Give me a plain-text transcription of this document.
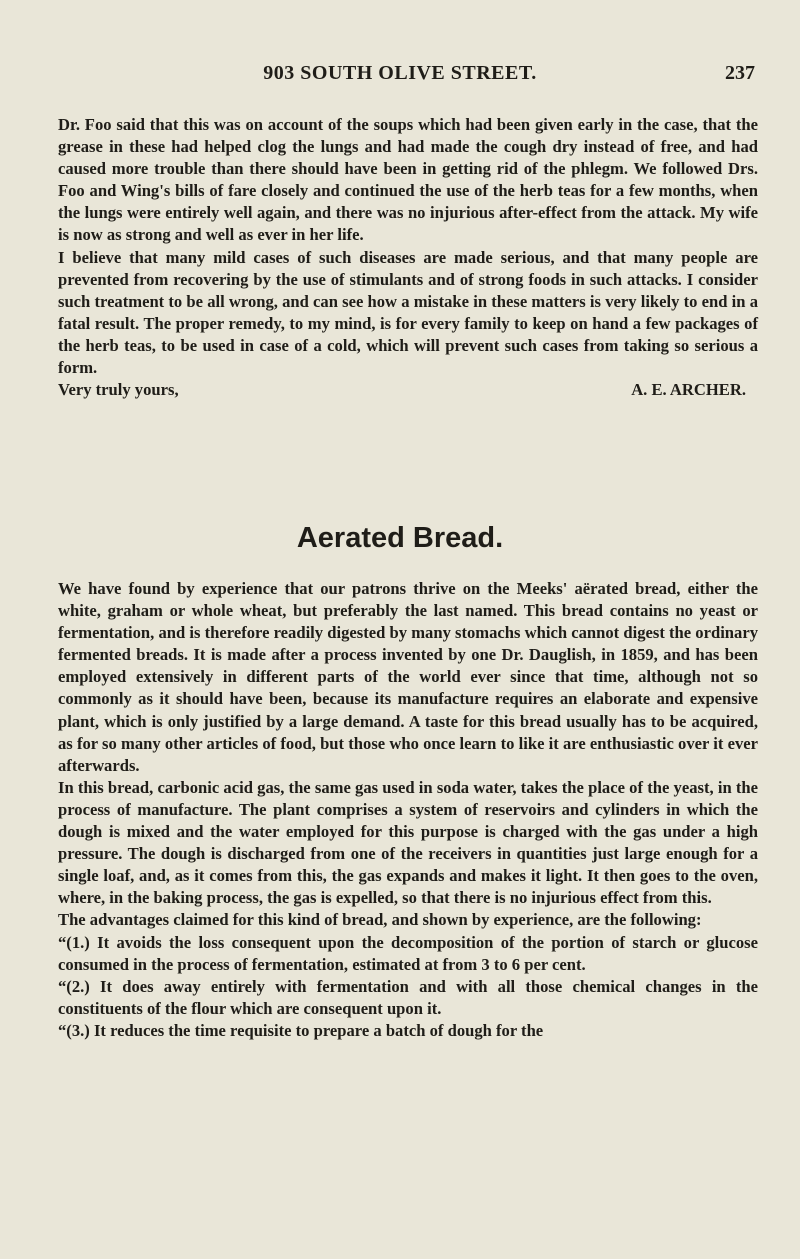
903 SOUTH OLIVE STREET.	237

Dr. Foo said that this was on account of the soups which had been given early in the case, that the grease in these had helped clog the lungs and had made the cough dry instead of free, and had caused more trouble than there should have been in getting rid of the phlegm. We followed Drs. Foo and Wing's bills of fare closely and continued the use of the herb teas for a few months, when the lungs were entirely well again, and there was no injurious after-effect from the attack. My wife is now as strong and well as ever in her life.

I believe that many mild cases of such diseases are made serious, and that many people are prevented from recovering by the use of stimulants and of strong foods in such attacks. I consider such treatment to be all wrong, and can see how a mistake in these matters is very likely to end in a fatal result. The proper remedy, to my mind, is for every family to keep on hand a few packages of the herb teas, to be used in case of a cold, which will prevent such cases from taking so serious a form.

Very truly yours,	A. E. ARCHER.
Aerated Bread.

We have found by experience that our patrons thrive on the Meeks' aërated bread, either the white, graham or whole wheat, but preferably the last named. This bread contains no yeast or fermentation, and is therefore readily digested by many stomachs which cannot digest the ordinary fermented breads. It is made after a process invented by one Dr. Dauglish, in 1859, and has been employed extensively in different parts of the world ever since that time, although not so commonly as it should have been, because its manufacture requires an elaborate and expensive plant, which is only justified by a large demand. A taste for this bread usually has to be acquired, as for so many other articles of food, but those who once learn to like it are enthusiastic over it ever afterwards.

In this bread, carbonic acid gas, the same gas used in soda water, takes the place of the yeast, in the process of manufacture. The plant comprises a system of reservoirs and cylinders in which the dough is mixed and the water employed for this purpose is charged with the gas under a high pressure. The dough is discharged from one of the receivers in quantities just large enough for a single loaf, and, as it comes from this, the gas expands and makes it light. It then goes to the oven, where, in the baking process, the gas is expelled, so that there is no injurious effect from this.

The advantages claimed for this kind of bread, and shown by experience, are the following:

“(1.) It avoids the loss consequent upon the decomposition of the portion of starch or glucose consumed in the process of fermentation, estimated at from 3 to 6 per cent.

“(2.) It does away entirely with fermentation and with all those chemical changes in the constituents of the flour which are consequent upon it.

“(3.) It reduces the time requisite to prepare a batch of dough for the
